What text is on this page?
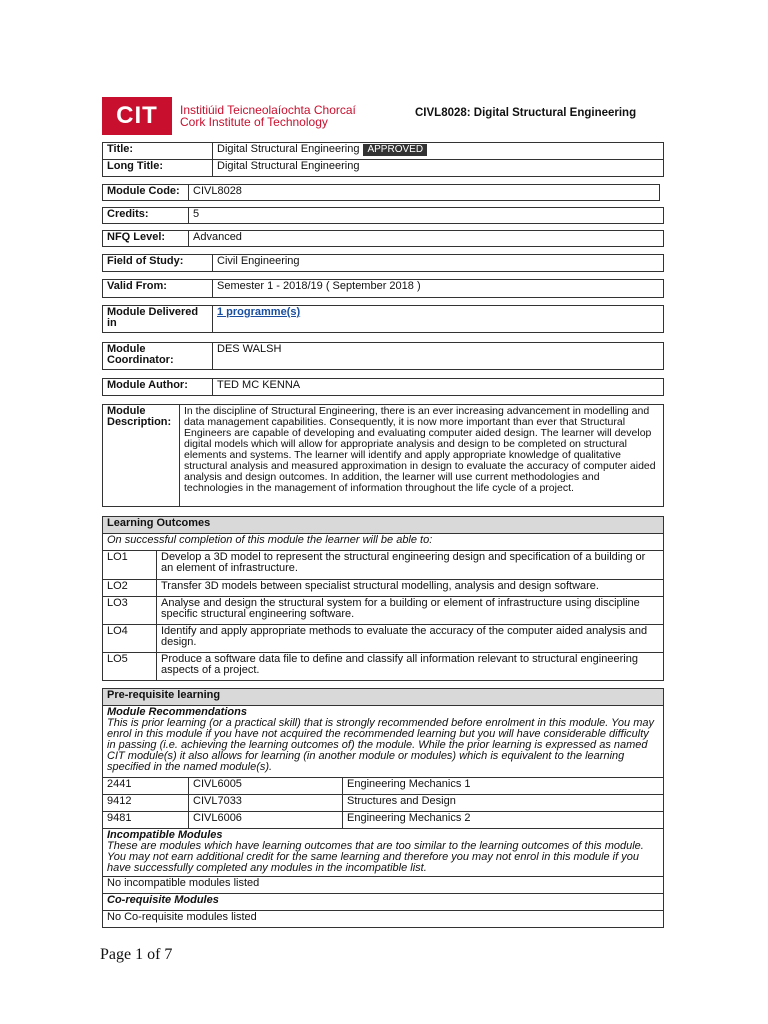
CIT	Institiúid Teicneolaíochta Chorcaí
Cork Institute of Technology
CIVL8028: Digital Structural Engineering
Title:	Digital Structural Engineering APPROVED
Long Title:	Digital Structural Engineering
Module Code:	CIVL8028
Credits:	5
NFQ Level:	Advanced
Field of Study:	Civil Engineering
Valid From:	Semester 1 - 2018/19 ( September 2018 )
Module Delivered in	1 programme(s)
Module Coordinator:	DES WALSH
Module Author:	TED MC KENNA
Module Description:	In the discipline of Structural Engineering, there is an ever increasing advancement in modelling and data management capabilities. Consequently, it is now more important than ever that Structural Engineers are capable of developing and evaluating computer aided design. The learner will develop digital models which will allow for appropriate analysis and design to be completed on structural elements and systems. The learner will identify and apply appropriate knowledge of qualitative structural analysis and measured approximation in design to evaluate the accuracy of computer aided analysis and design outcomes. In addition, the learner will use current methodologies and technologies in the management of information throughout the life cycle of a project.
Learning Outcomes	
On successful completion of this module the learner will be able to:	
LO1	Develop a 3D model to represent the structural engineering design and specification of a building or an element of infrastructure.
LO2	Transfer 3D models between specialist structural modelling, analysis and design software.
LO3	Analyse and design the structural system for a building or element of infrastructure using discipline specific structural engineering software.
LO4	Identify and apply appropriate methods to evaluate the accuracy of the computer aided analysis and design.
LO5	Produce a software data file to define and classify all information relevant to structural engineering aspects of a project.
Pre-requisite learning		

Module Recommendations
This is prior learning (or a practical skill) that is strongly recommended before enrolment in this module. You may enrol in this module if you have not acquired the recommended learning but you will have considerable difficulty in passing (i.e. achieving the learning outcomes of) the module. While the prior learning is expressed as named CIT module(s) it also allows for learning (in another module or modules) which is equivalent to the learning specified in the named module(s).		

2441	CIVL6005	Engineering Mechanics 1
9412	CIVL7033	Structures and Design
9481	CIVL6006	Engineering Mechanics 2

Incompatible Modules
These are modules which have learning outcomes that are too similar to the learning outcomes of this module. You may not earn additional credit for the same learning and therefore you may not enrol in this module if you have successfully completed any modules in the incompatible list.		

No incompatible modules listed		
Co-requisite Modules		
No Co-requisite modules listed		
Page 1 of 7
